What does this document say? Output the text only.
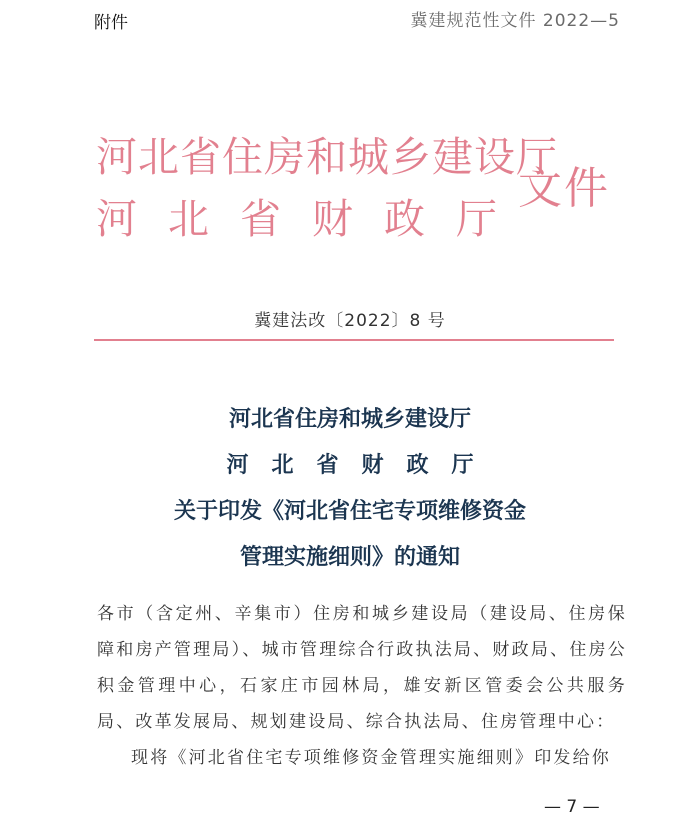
附件	冀建规范性文件 2022—5
河北省住房和城乡建设厅
河北省财政厅
文件
冀建法改〔2022〕8 号
河北省住房和城乡建设厅
河北省财政厅
关于印发《河北省住宅专项维修资金
管理实施细则》的通知
各市（含定州、辛集市）住房和城乡建设局（建设局、住房保障和房产管理局）、城市管理综合行政执法局、财政局、住房公积金管理中心，石家庄市园林局，雄安新区管委会公共服务局、改革发展局、规划建设局、综合执法局、住房管理中心：
现将《河北省住宅专项维修资金管理实施细则》印发给你
— 7 —
